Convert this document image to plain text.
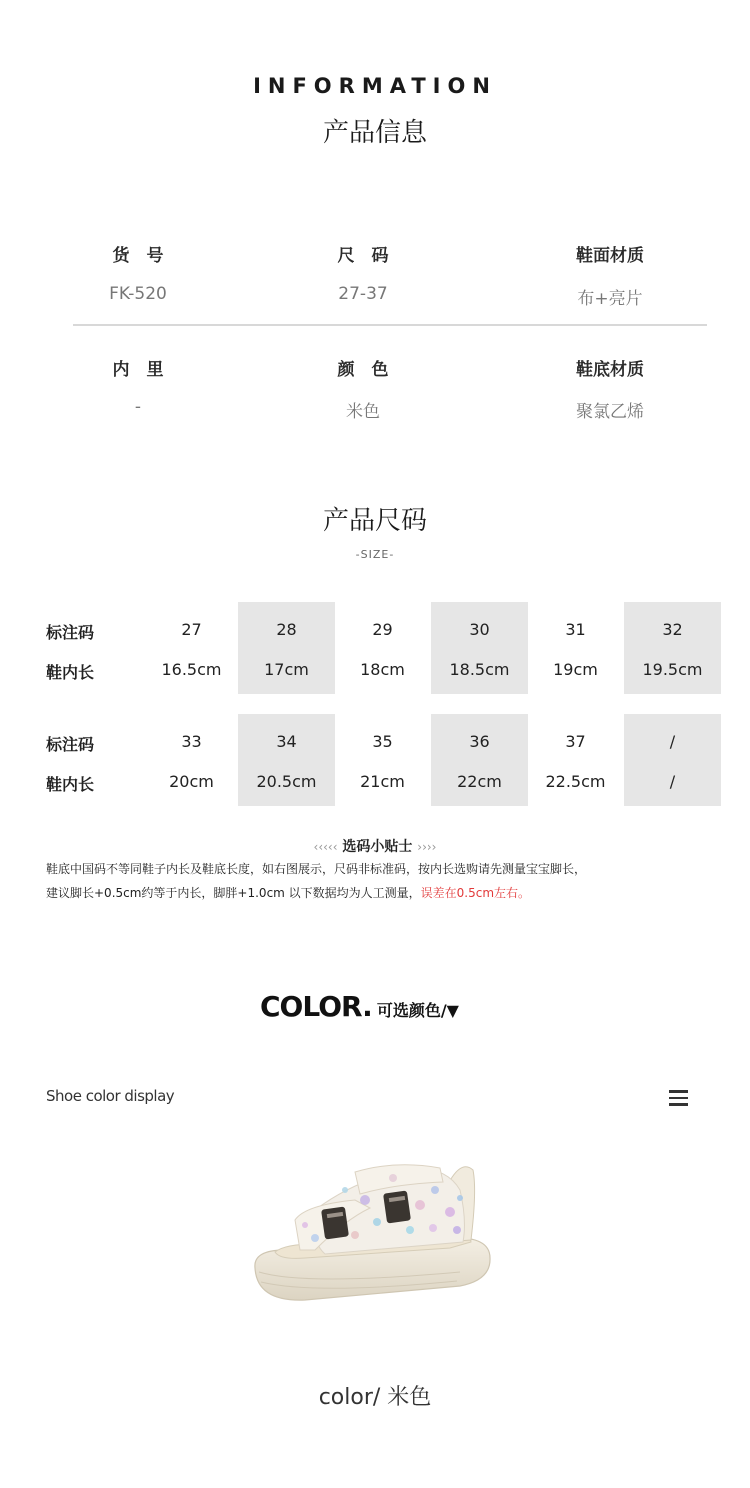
INFORMATION
产品信息
货　号
FK-520
尺　码
27-37
鞋面材质
布+亮片
内　里
-
颜　色
米色
鞋底材质
聚氯乙烯
产品尺码
-SIZE-
标注码
鞋内长
27
16.5cm
28
17cm
29
18cm
30
18.5cm
31
19cm
32
19.5cm
标注码
鞋内长
33
20cm
34
20.5cm
35
21cm
36
22cm
37
22.5cm
/
/
‹‹‹‹‹ 选码小贴士 ››››
鞋底中国码不等同鞋子内长及鞋底长度，如右图展示，尺码非标准码，按内长选购请先测量宝宝脚长，
建议脚长+0.5cm约等于内长，脚胖+1.0cm 以下数据均为人工测量，误差在0.5cm左右。
COLOR. 可选颜色/▼
Shoe color display
color/ 米色
